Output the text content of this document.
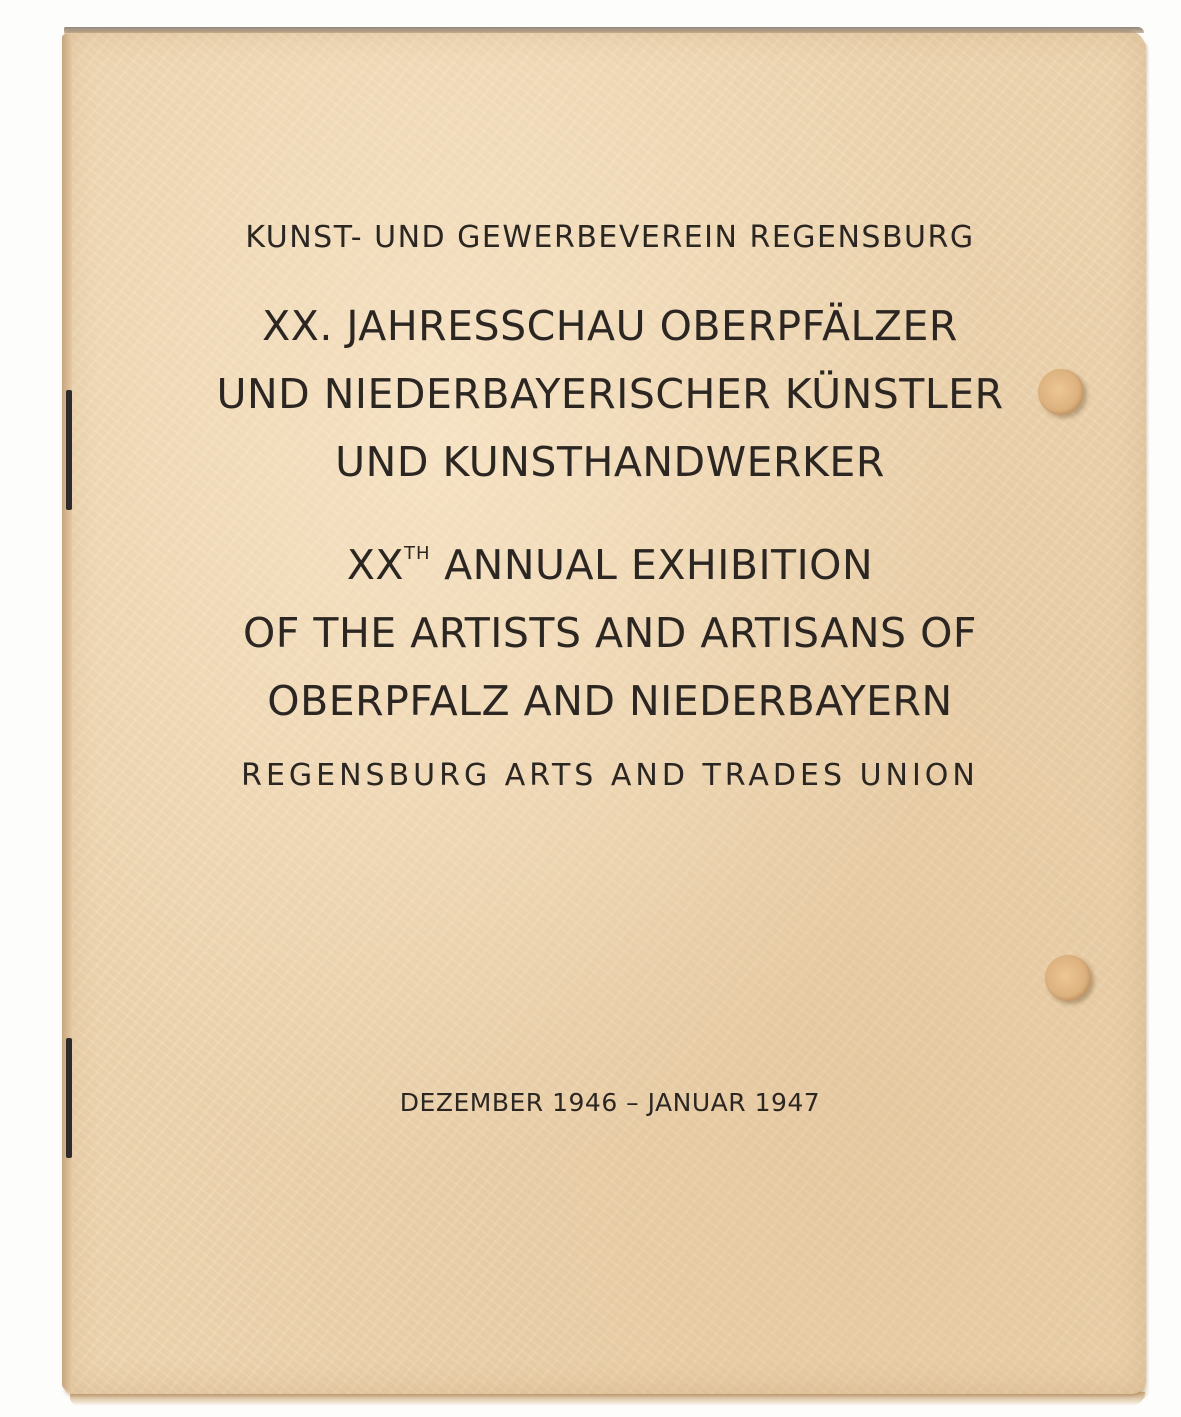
KUNST- UND GEWERBEVEREIN REGENSBURG
XX. JAHRESSCHAU OBERPFÄLZER
UND NIEDERBAYERISCHER KÜNSTLER
UND KUNSTHANDWERKER
XXTH ANNUAL EXHIBITION
OF THE ARTISTS AND ARTISANS OF
OBERPFALZ AND NIEDERBAYERN
REGENSBURG ARTS AND TRADES UNION
DEZEMBER 1946 – JANUAR 1947
